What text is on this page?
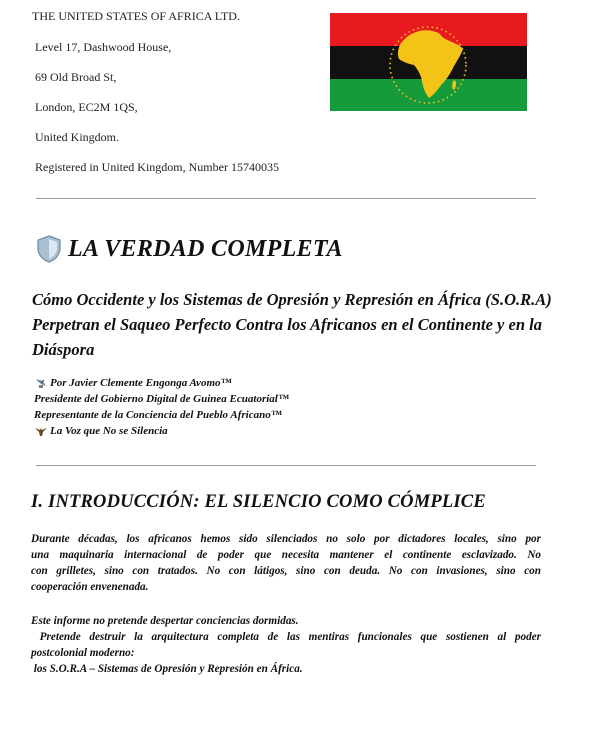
THE UNITED STATES OF AFRICA LTD.
Level 17, Dashwood House,
69 Old Broad St,
London, EC2M 1QS,
United Kingdom.
Registered in United Kingdom, Number 15740035
LA VERDAD COMPLETA
Cómo Occidente y los Sistemas de Opresión y Represión en África (S.O.R.A) Perpetran el Saqueo Perfecto Contra los Africanos en el Continente y en la Diáspora
Por Javier Clemente Engonga Avomo™
Presidente del Gobierno Digital de Guinea Ecuatorial™
Representante de la Conciencia del Pueblo Africano™
La Voz que No se Silencia
I. INTRODUCCIÓN: EL SILENCIO COMO CÓMPLICE
Durante décadas, los africanos hemos sido silenciados no solo por dictadores locales, sino por
una maquinaria internacional de poder que necesita mantener el continente esclavizado. No
con grilletes, sino con tratados. No con látigos, sino con deuda. No con invasiones, sino con
cooperación envenenada.
Este informe no pretende despertar conciencias dormidas.
Pretende destruir la arquitectura completa de las mentiras funcionales que sostienen al poder
postcolonial moderno:
los S.O.R.A – Sistemas de Opresión y Represión en África.
